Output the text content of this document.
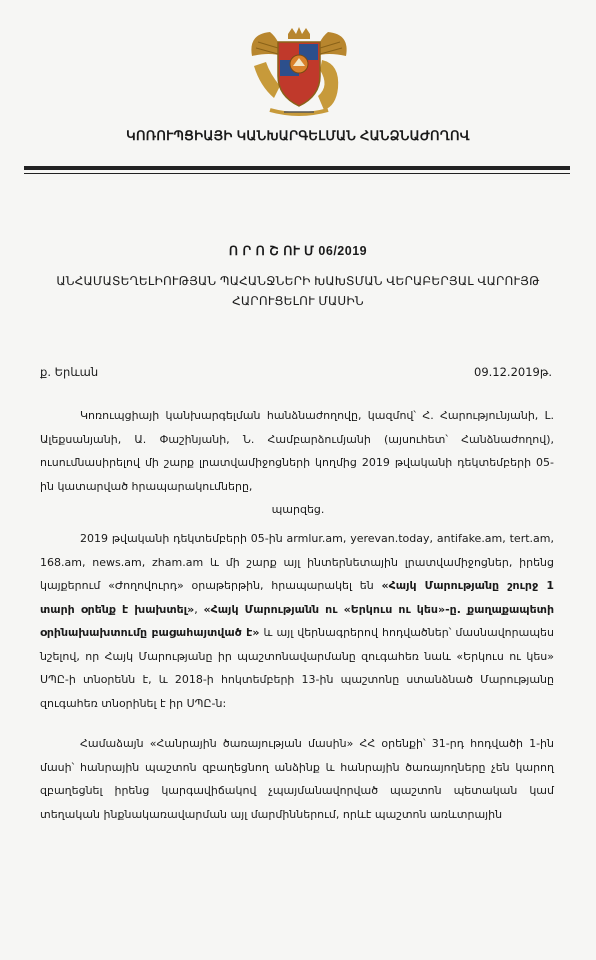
ԿՈՌՈՒՊՑԻԱՅԻ ԿԱՆԽԱՐԳԵԼՄԱՆ ՀԱՆՁՆԱԺՈՂՈՎ
Ո Ր Ո Շ ՈՒ Մ 06/2019
ԱՆՀԱՄԱՏԵՂԵԼԻՈՒԹՅԱՆ ՊԱՀԱՆՋՆԵՐԻ ԽԱԽՏՄԱՆ ՎԵՐԱԲԵՐՅԱԼ ՎԱՐՈՒՅԹ ՀԱՐՈՒՑԵԼՈՒ ՄԱՍԻՆ
ք. Երևան	09.12.2019թ.
Կոռուպցիայի կանխարգելման հանձնաժողովը, կազմով՝ Հ. Հարությունյանի, Լ. Ալեքսանյանի, Ա. Փաշինյանի, Ն. Համբարձումյանի (այսուհետ՝ Հանձնաժողով), ուսումնասիրելով մի շարք լրատվամիջոցների կողմից 2019 թվականի դեկտեմբերի 05-ին կատարված հրապարակումները,
պարզեց.
2019 թվականի դեկտեմբերի 05-ին armlur.am, yerevan.today, antifake.am, tert.am, 168.am, news.am, zham.am և մի շարք այլ ինտերնետային լրատվամիջոցներ, իրենց կայքերում «Ժողովուրդ» օրաթերթին, հրապարակել են «Հայկ Մարությանը շուրջ 1 տարի օրենք է խախտել», «Հայկ Մարությանն ու «Երկուս ու կես»-ը. քաղաքապետի օրինախախտումը բացահայտված է» և այլ վերնագրերով հոդվածներ՝ մասնավորապես նշելով, որ Հայկ Մարությանը իր պաշտոնավարմանը զուգահեռ նաև «Երկուս ու կես» ՍՊԸ-ի տնօրենն է, և 2018-ի հոկտեմբերի 13-ին պաշտոնը ստանձնած Մարությանը զուգահեռ տնօրինել է իր ՍՊԸ-ն:
Համաձայն «Հանրային ծառայության մասին» ՀՀ օրենքի՝ 31-րդ հոդվածի 1-ին մասի՝ հանրային պաշտոն զբաղեցնող անձինք և հանրային ծառայողները չեն կարող զբաղեցնել իրենց կարգավիճակով չպայմանավորված պաշտոն պետական կամ տեղական ինքնակառավարման այլ մարմիններում, որևէ պաշտոն առևտրային
